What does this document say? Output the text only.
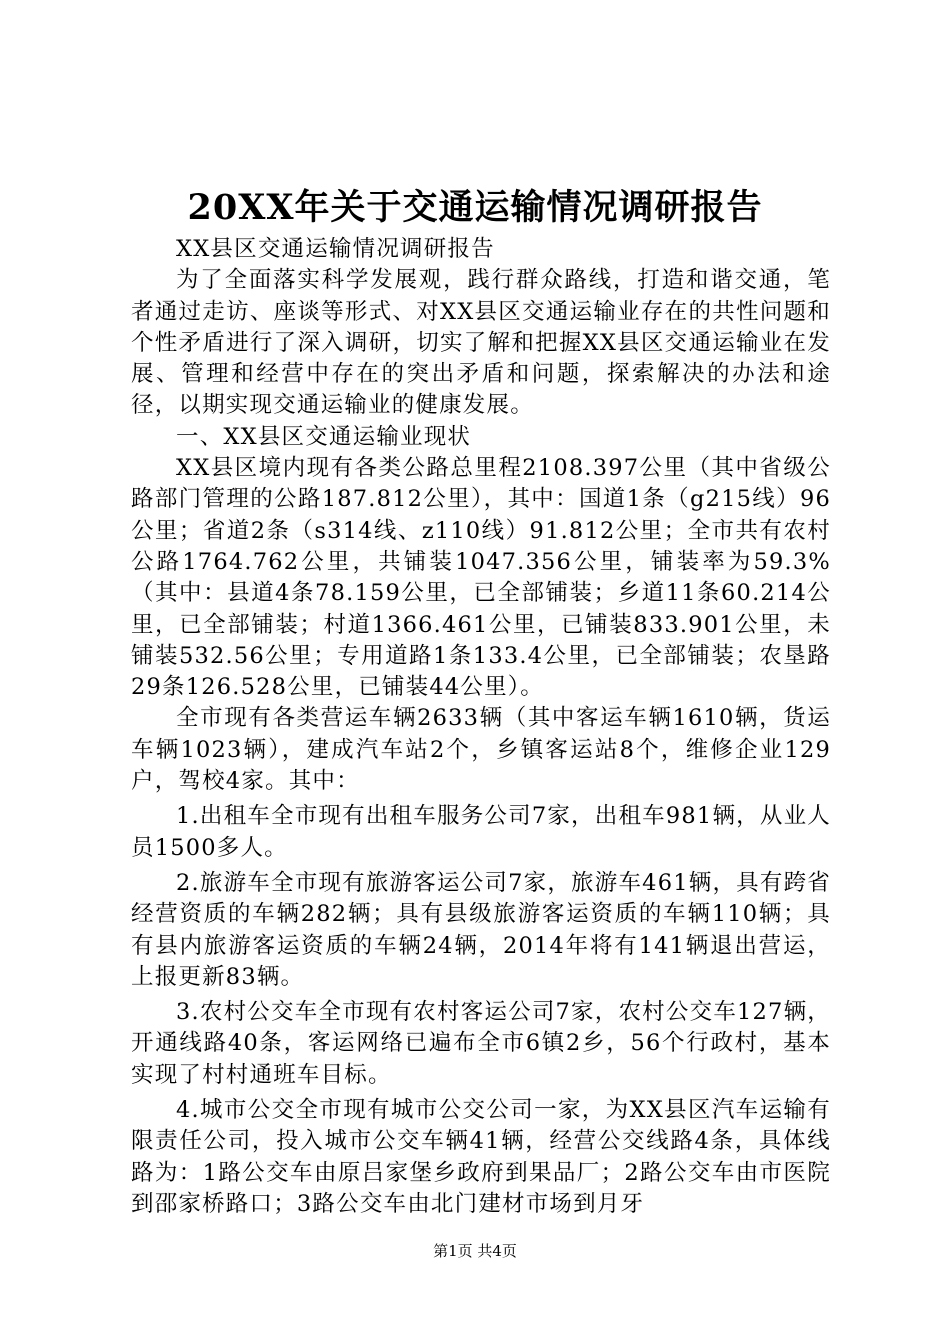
20XX年关于交通运输情况调研报告

XX县区交通运输情况调研报告

为了全面落实科学发展观，践行群众路线，打造和谐交通，笔者通过走访、座谈等形式、对XX县区交通运输业存在的共性问题和个性矛盾进行了深入调研，切实了解和把握XX县区交通运输业在发展、管理和经营中存在的突出矛盾和问题，探索解决的办法和途径，以期实现交通运输业的健康发展。

一、XX县区交通运输业现状

XX县区境内现有各类公路总里程2108.397公里（其中省级公路部门管理的公路187.812公里），其中：国道1条（g215线）96公里；省道2条（s314线、z110线）91.812公里；全市共有农村公路1764.762公里，共铺装1047.356公里，铺装率为59.3%（其中：县道4条78.159公里，已全部铺装；乡道11条60.214公里，已全部铺装；村道1366.461公里，已铺装833.901公里，未铺装532.56公里；专用道路1条133.4公里，已全部铺装；农垦路29条126.528公里，已铺装44公里）。

全市现有各类营运车辆2633辆（其中客运车辆1610辆，货运车辆1023辆），建成汽车站2个，乡镇客运站8个，维修企业129户，驾校4家。其中：

1.出租车全市现有出租车服务公司7家，出租车981辆，从业人员1500多人。

2.旅游车全市现有旅游客运公司7家，旅游车461辆，具有跨省经营资质的车辆282辆；具有县级旅游客运资质的车辆110辆；具有县内旅游客运资质的车辆24辆，2014年将有141辆退出营运，上报更新83辆。

3.农村公交车全市现有农村客运公司7家，农村公交车127辆，开通线路40条，客运网络已遍布全市6镇2乡，56个行政村，基本实现了村村通班车目标。

4.城市公交全市现有城市公交公司一家，为XX县区汽车运输有限责任公司，投入城市公交车辆41辆，经营公交线路4条，具体线路为：1路公交车由原吕家堡乡政府到果品厂；2路公交车由市医院到邵家桥路口；3路公交车由北门建材市场到月牙

第1页 共4页
